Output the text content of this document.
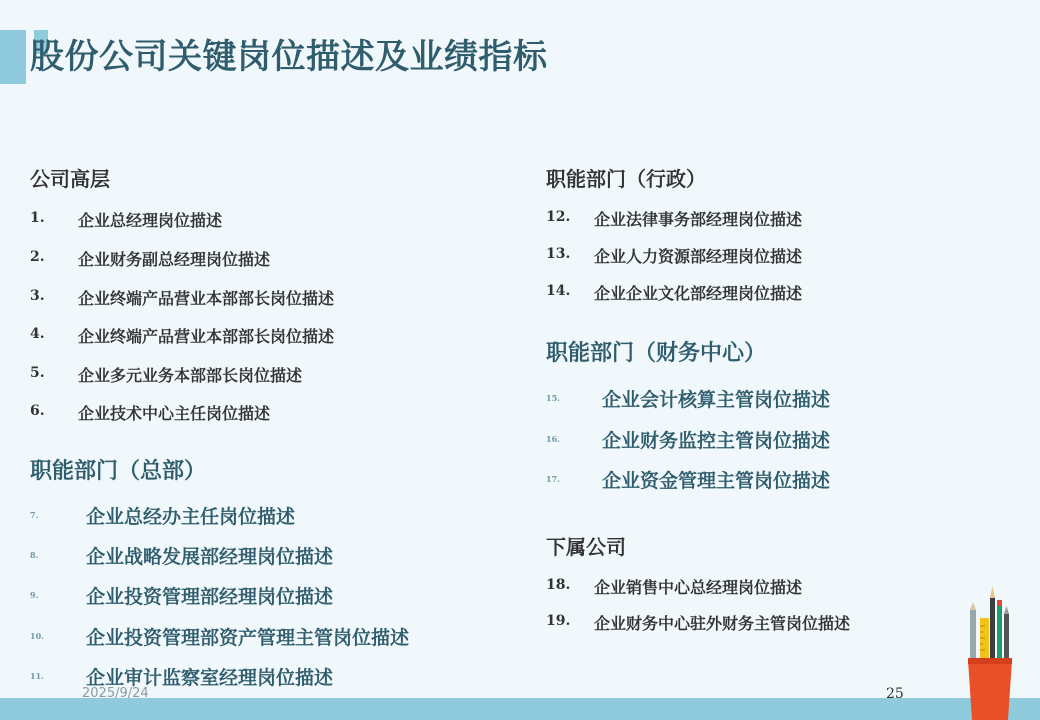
股份公司关键岗位描述及业绩指标
公司高层
1. 企业总经理岗位描述
2. 企业财务副总经理岗位描述
3. 企业终端产品营业本部部长岗位描述
4. 企业终端产品营业本部部长岗位描述
5. 企业多元业务本部部长岗位描述
6. 企业技术中心主任岗位描述
职能部门（总部）
7.	企业总经办主任岗位描述
8.	企业战略发展部经理岗位描述
9.	企业投资管理部经理岗位描述
10. 企业投资管理部资产管理主管岗位描述
11. 企业审计监察室经理岗位描述
职能部门（行政）
12. 企业法律事务部经理岗位描述
13. 企业人力资源部经理岗位描述
14. 企业企业文化部经理岗位描述
职能部门（财务中心）
15. 企业会计核算主管岗位描述
16. 企业财务监控主管岗位描述
17. 企业资金管理主管岗位描述
下属公司
18. 企业销售中心总经理岗位描述
19. 企业财务中心驻外财务主管岗位描述
2025/9/24	25
